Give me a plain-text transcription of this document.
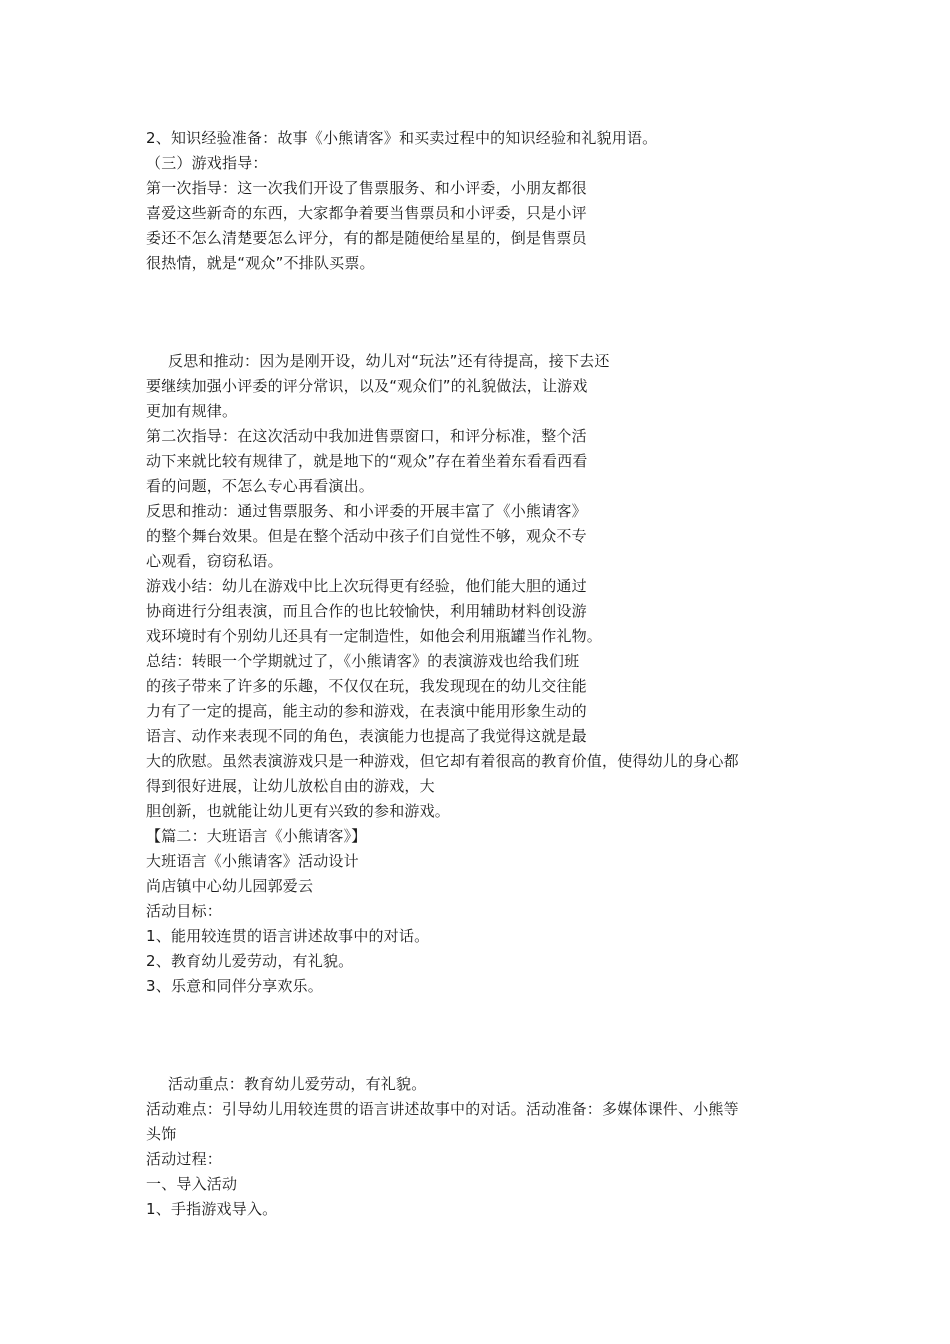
2、知识经验准备：故事《小熊请客》和买卖过程中的知识经验和礼貌用语。
（三）游戏指导：
第一次指导：这一次我们开设了售票服务、和小评委，小朋友都很
喜爱这些新奇的东西，大家都争着要当售票员和小评委，只是小评
委还不怎么清楚要怎么评分，有的都是随便给星星的，倒是售票员
很热情，就是“观众”不排队买票。
反思和推动：因为是刚开设，幼儿对“玩法”还有待提高，接下去还
要继续加强小评委的评分常识，以及“观众们”的礼貌做法，让游戏
更加有规律。
第二次指导：在这次活动中我加进售票窗口，和评分标准，整个活
动下来就比较有规律了，就是地下的“观众”存在着坐着东看看西看
看的问题，不怎么专心再看演出。
反思和推动：通过售票服务、和小评委的开展丰富了《小熊请客》
的整个舞台效果。但是在整个活动中孩子们自觉性不够，观众不专
心观看，窃窃私语。
游戏小结：幼儿在游戏中比上次玩得更有经验，他们能大胆的通过
协商进行分组表演，而且合作的也比较愉快，利用辅助材料创设游
戏环境时有个别幼儿还具有一定制造性，如他会利用瓶罐当作礼物。
总结：转眼一个学期就过了，《小熊请客》的表演游戏也给我们班
的孩子带来了许多的乐趣，不仅仅在玩，我发现现在的幼儿交往能
力有了一定的提高，能主动的参和游戏，在表演中能用形象生动的
语言、动作来表现不同的角色，表演能力也提高了我觉得这就是最
大的欣慰。虽然表演游戏只是一种游戏，但它却有着很高的教育价值，使得幼儿的身心都
得到很好进展，让幼儿放松自由的游戏，大
胆创新，也就能让幼儿更有兴致的参和游戏。
【篇二：大班语言《小熊请客》】
大班语言《小熊请客》活动设计
尚店镇中心幼儿园郭爱云
活动目标：
1、能用较连贯的语言讲述故事中的对话。
2、教育幼儿爱劳动，有礼貌。
3、乐意和同伴分享欢乐。
活动重点：教育幼儿爱劳动，有礼貌。
活动难点：引导幼儿用较连贯的语言讲述故事中的对话。活动准备：多媒体课件、小熊等
头饰
活动过程：
一、导入活动
1、手指游戏导入。
